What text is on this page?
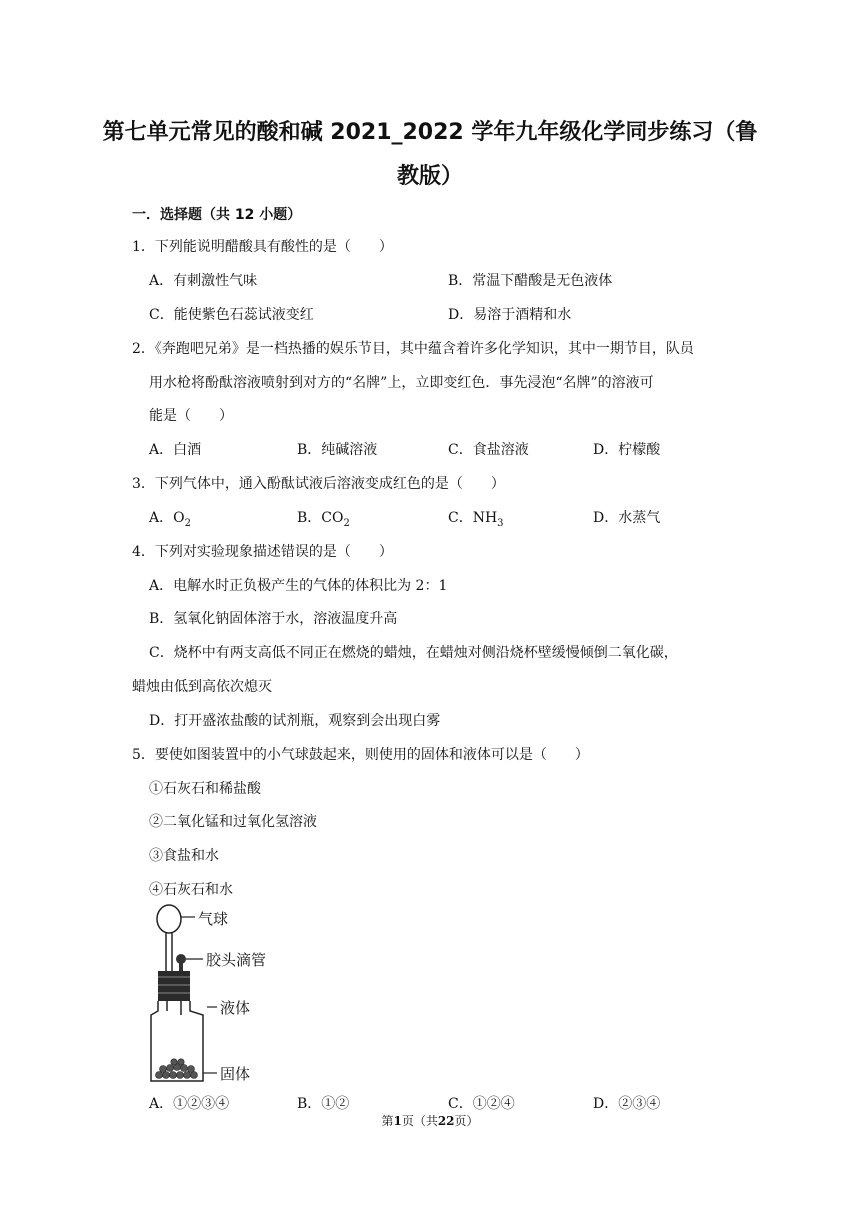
第七单元常见的酸和碱 2021_2022 学年九年级化学同步练习（鲁
教版）
一．选择题（共 12 小题）
1．下列能说明醋酸具有酸性的是（　　）
A．有刺激性气味	B．常温下醋酸是无色液体
C．能使紫色石蕊试液变红	D．易溶于酒精和水
2．《奔跑吧兄弟》是一档热播的娱乐节目，其中蕴含着许多化学知识，其中一期节目，队员
用水枪将酚酞溶液喷射到对方的“名牌”上，立即变红色．事先浸泡“名牌”的溶液可
能是（　　）
A．白酒	B．纯碱溶液	C．食盐溶液	D．柠檬酸
3．下列气体中，通入酚酞试液后溶液变成红色的是（　　）
A．$O_2$	B．$CO_2$	C．$NH_3$	D．水蒸气
4．下列对实验现象描述错误的是（　　）
A．电解水时正负极产生的气体的体积比为 2：1
B．氢氧化钠固体溶于水，溶液温度升高
C．烧杯中有两支高低不同正在燃烧的蜡烛，在蜡烛对侧沿烧杯壁缓慢倾倒二氧化碳，
蜡烛由低到高依次熄灭
D．打开盛浓盐酸的试剂瓶，观察到会出现白雾
5．要使如图装置中的小气球鼓起来，则使用的固体和液体可以是（　　）
①石灰石和稀盐酸
②二氧化锰和过氧化氢溶液
③食盐和水
④石灰石和水
气球
胶头滴管
液体
固体
A．①②③④	B．①②	C．①②④	D．②③④
第1页（共22页）
